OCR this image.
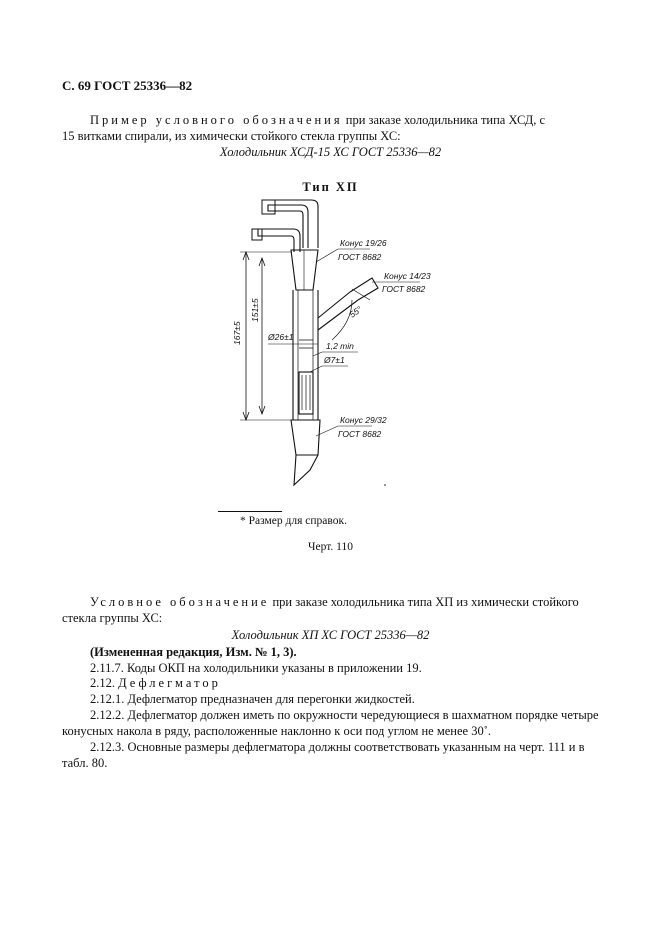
С. 69 ГОСТ 25336—82
Пример условного обозначения при заказе холодильника типа ХСД, с
15 витками спирали, из химически стойкого стекла группы ХС:
Холодильник ХСД-15 ХС ГОСТ 25336—82
Тип ХП
Конус 19/26
ГОСТ 8682
Конус 14/23
ГОСТ 8682
55°
167±5
151±5
Ø26±1
1,2 min
Ø7±1
Конус 29/32
ГОСТ 8682
* Размер для справок.
Черт. 110
Условное обозначение при заказе холодильника типа ХП из химически стойкого
стекла группы ХС:
Холодильник ХП ХС ГОСТ 25336—82
(Измененная редакция, Изм. № 1, 3).
2.11.7. Коды ОКП на холодильники указаны в приложении 19.
2.12. Дефлегматор
2.12.1. Дефлегматор предназначен для перегонки жидкостей.
2.12.2. Дефлегматор должен иметь по окружности чередующиеся в шахматном порядке четыре
конусных накола в ряду, расположенные наклонно к оси под углом не менее 30˚.
2.12.3. Основные размеры дефлегматора должны соответствовать указанным на черт. 111 и в
табл. 80.
